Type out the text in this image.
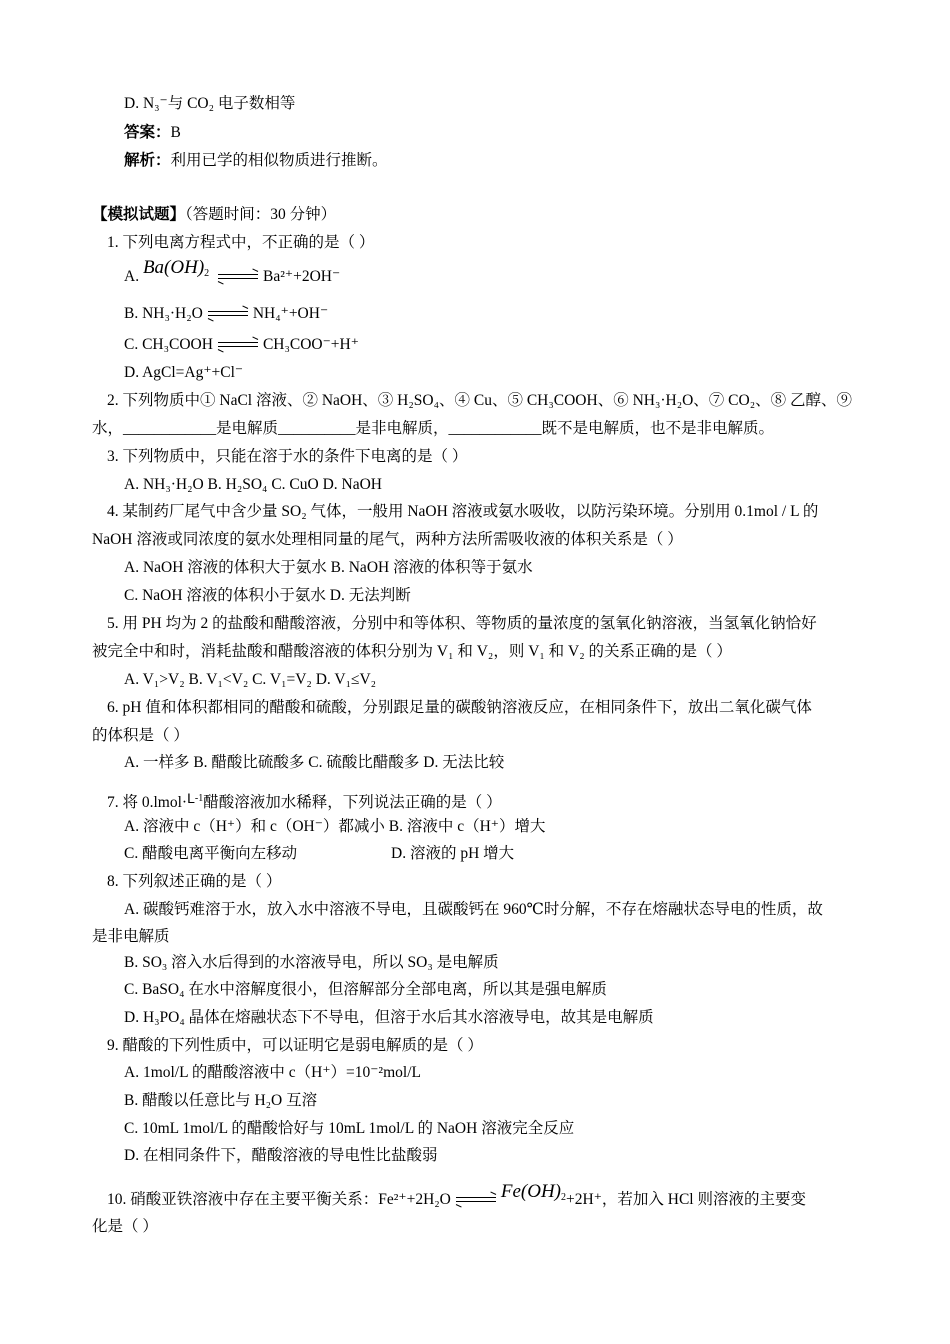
D. N₃⁻与 CO₂ 电子数相等
答案：B
解析：利用已学的相似物质进行推断。
【模拟试题】（答题时间：30 分钟）
1. 下列电离方程式中，不正确的是（ ）
A. $Ba(OH)_2$	Ba²⁺+2OH⁻
B. NH₃·H₂O	NH₄⁺+OH⁻
C. CH₃COOH	CH₃COO⁻+H⁺
D. AgCl=Ag⁺+Cl⁻
2. 下列物质中① NaCl 溶液、② NaOH、③ H₂SO₄、④ Cu、⑤ CH₃COOH、⑥ NH₃·H₂O、⑦ CO₂、⑧ 乙醇、⑨
水，____________是电解质__________是非电解质，____________既不是电解质，也不是非电解质。
3. 下列物质中，只能在溶于水的条件下电离的是（ ）
A. NH₃·H₂O B. H₂SO₄ C. CuO D. NaOH
4. 某制药厂尾气中含少量 SO₂ 气体，一般用 NaOH 溶液或氨水吸收，以防污染环境。分别用 0.1mol / L 的
NaOH 溶液或同浓度的氨水处理相同量的尾气，两种方法所需吸收液的体积关系是（ ）
A. NaOH 溶液的体积大于氨水 B. NaOH 溶液的体积等于氨水
C. NaOH 溶液的体积小于氨水 D. 无法判断
5. 用 PH 均为 2 的盐酸和醋酸溶液，分别中和等体积、等物质的量浓度的氢氧化钠溶液，当氢氧化钠恰好
被完全中和时，消耗盐酸和醋酸溶液的体积分别为 V₁ 和 V₂，则 V₁ 和 V₂ 的关系正确的是（ ）
A. V₁>V₂ B. V₁<V₂ C. V₁=V₂ D. V₁≤V₂
6. pH 值和体积都相同的醋酸和硫酸，分别跟足量的碳酸钠溶液反应，在相同条件下，放出二氧化碳气体
的体积是（ ）
A. 一样多 B. 醋酸比硫酸多 C. 硫酸比醋酸多 D. 无法比较
7. 将 $0.lmol\cdot L^{-1}$醋酸溶液加水稀释，下列说法正确的是（ ）
A. 溶液中 c（H⁺）和 c（OH⁻）都减小 B. 溶液中 c（H⁺）增大
C. 醋酸电离平衡向左移动	D. 溶液的 pH 增大
8. 下列叙述正确的是（ ）
A. 碳酸钙难溶于水，放入水中溶液不导电，且碳酸钙在 960℃时分解，不存在熔融状态导电的性质，故
是非电解质
B. SO₃ 溶入水后得到的水溶液导电，所以 SO₃ 是电解质
C. BaSO₄ 在水中溶解度很小，但溶解部分全部电离，所以其是强电解质
D. H₃PO₄ 晶体在熔融状态下不导电，但溶于水后其水溶液导电，故其是电解质
9. 醋酸的下列性质中，可以证明它是弱电解质的是（ ）
A. 1mol/L 的醋酸溶液中 c（H⁺）=10⁻²mol/L
B. 醋酸以任意比与 H₂O 互溶
C. 10mL 1mol/L 的醋酸恰好与 10mL 1mol/L 的 NaOH 溶液完全反应
D. 在相同条件下，醋酸溶液的导电性比盐酸弱
10. 硝酸亚铁溶液中存在主要平衡关系：Fe²⁺+2H₂O	$Fe(OH)_2+2H^+$，若加入 HCl 则溶液的主要变
化是（ ）
